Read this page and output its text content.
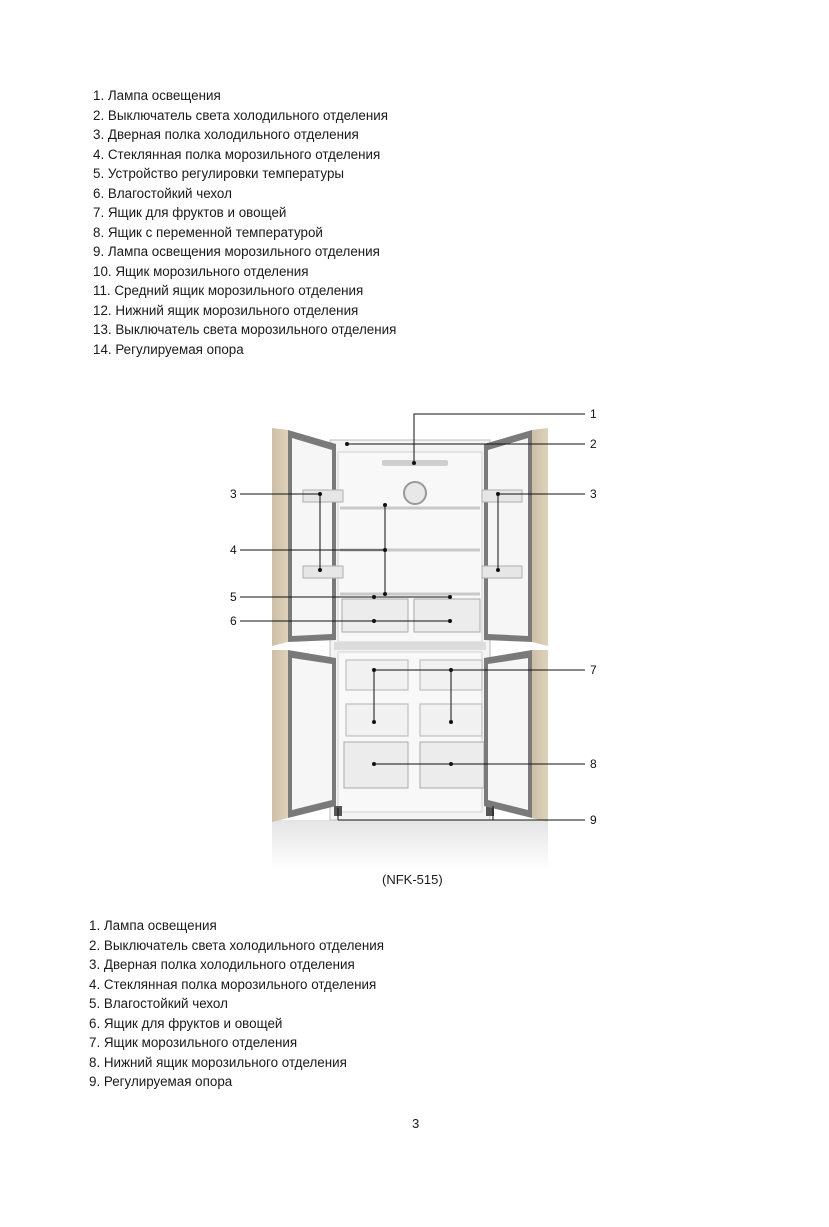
1. Лампа освещения
2. Выключатель света холодильного отделения
3. Дверная полка холодильного отделения
4. Стеклянная полка морозильного отделения
5. Устройство регулировки температуры
6. Влагостойкий чехол
7. Ящик для фруктов и овощей
8. Ящик с переменной температурой
9. Лампа освещения морозильного отделения
10. Ящик морозильного отделения
11. Средний ящик морозильного отделения
12. Нижний ящик морозильного отделения
13. Выключатель света морозильного отделения
14. Регулируемая опора
1
2
3	3
4
5
6
7
8
9
(NFK-515)
1. Лампа освещения
2. Выключатель света холодильного отделения
3. Дверная полка холодильного отделения
4. Стеклянная полка морозильного отделения
5. Влагостойкий чехол
6. Ящик для фруктов и овощей
7. Ящик морозильного отделения
8. Нижний ящик морозильного отделения
9. Регулируемая опора
3
